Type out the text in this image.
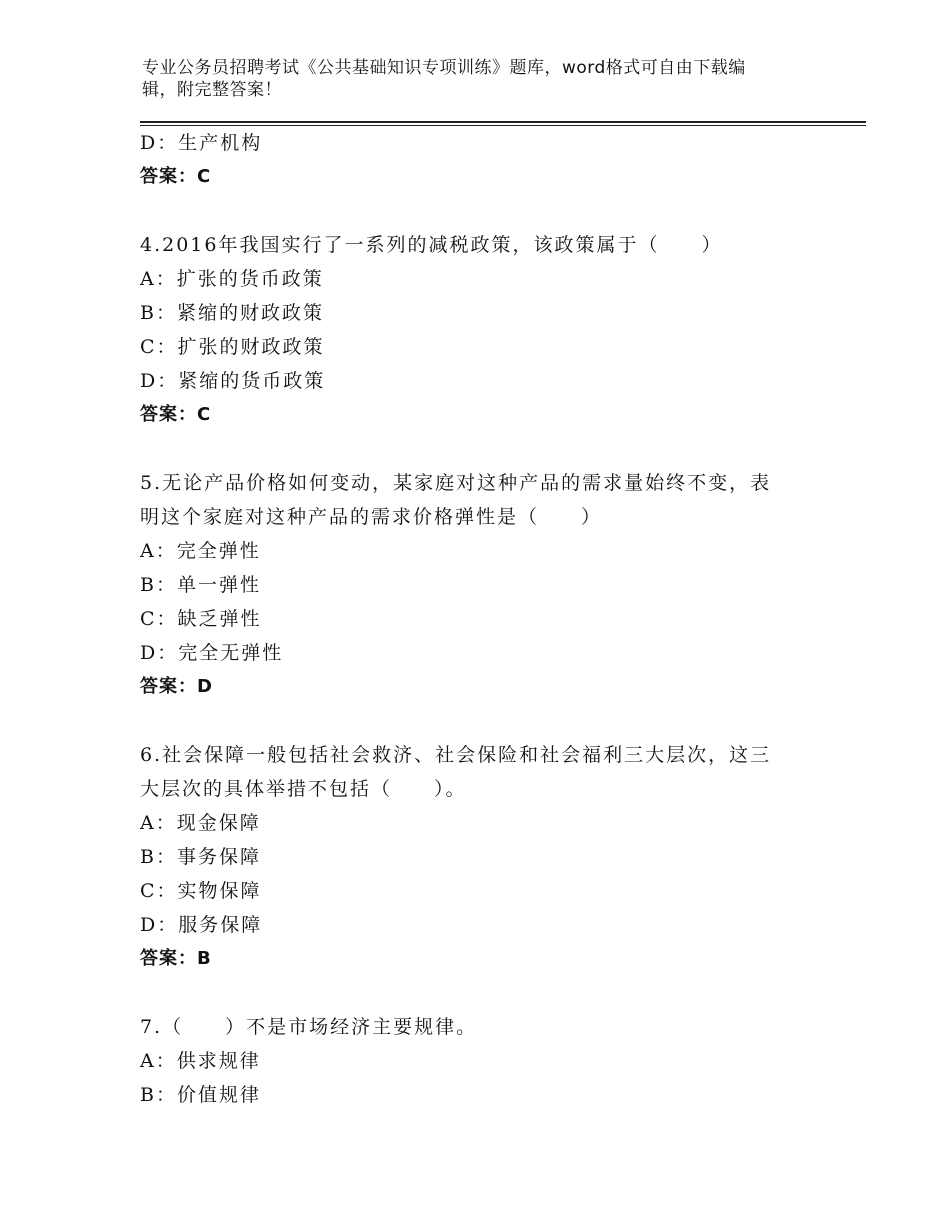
专业公务员招聘考试《公共基础知识专项训练》题库，word格式可自由下载编
辑，附完整答案！
D：生产机构
答案：C
4.2016年我国实行了一系列的减税政策，该政策属于（　　）
A：扩张的货币政策
B：紧缩的财政政策
C：扩张的财政政策
D：紧缩的货币政策
答案：C
5.无论产品价格如何变动，某家庭对这种产品的需求量始终不变，表
明这个家庭对这种产品的需求价格弹性是（　　）
A：完全弹性
B：单一弹性
C：缺乏弹性
D：完全无弹性
答案：D
6.社会保障一般包括社会救济、社会保险和社会福利三大层次，这三
大层次的具体举措不包括（　　）。
A：现金保障
B：事务保障
C：实物保障
D：服务保障
答案：B
7.（　　）不是市场经济主要规律。
A：供求规律
B：价值规律
